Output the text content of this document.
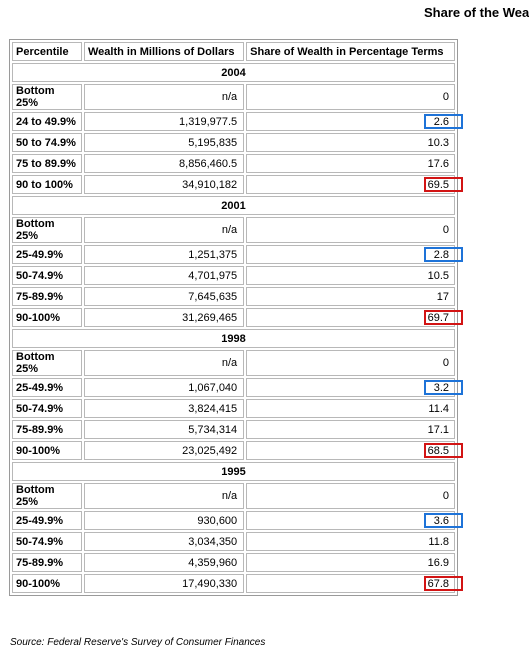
Share of the Wea
Percentile	Wealth in Millions of Dollars	Share of Wealth in Percentage Terms
2004		
Bottom 25%	n/a	0
24 to 49.9%	1,319,977.5	2.6

50 to 74.9%	5,195,835	10.3
75 to 89.9%	8,856,460.5	17.6
90 to 100%	34,910,182	69.5

2001		
Bottom 25%	n/a	0
25-49.9%	1,251,375	2.8

50-74.9%	4,701,975	10.5
75-89.9%	7,645,635	17
90-100%	31,269,465	69.7

1998		
Bottom 25%	n/a	0
25-49.9%	1,067,040	3.2

50-74.9%	3,824,415	11.4
75-89.9%	5,734,314	17.1
90-100%	23,025,492	68.5

1995		
Bottom 25%	n/a	0
25-49.9%	930,600	3.6

50-74.9%	3,034,350	11.8
75-89.9%	4,359,960	16.9
90-100%	17,490,330	67.8
Source: Federal Reserve's Survey of Consumer Finances
